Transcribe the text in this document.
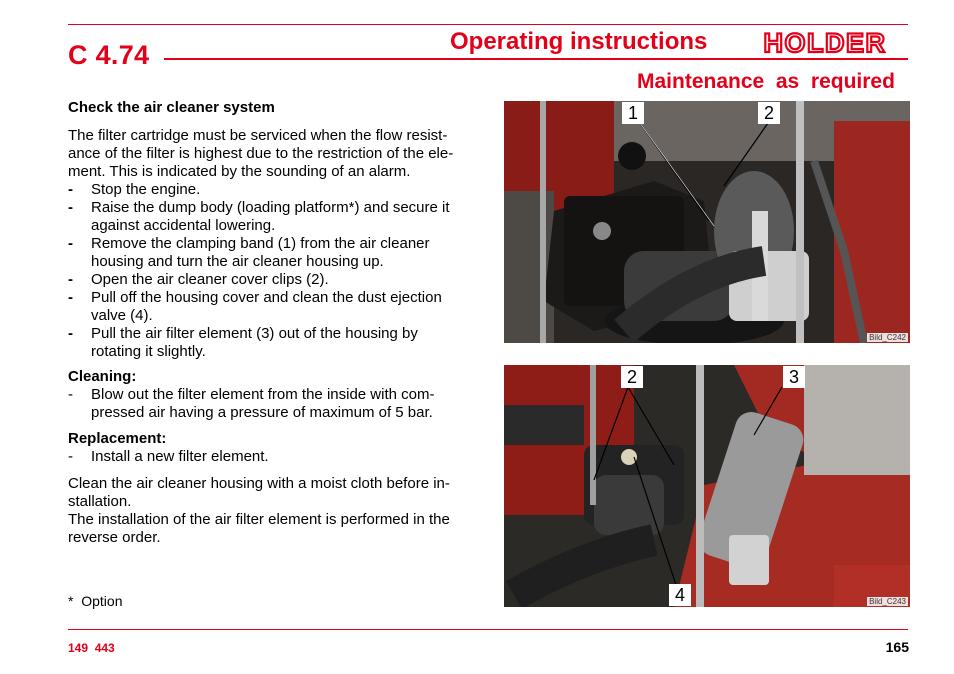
C 4.74	Operating instructions HOLDER
Maintenance  as  required
Check the air cleaner system
The filter cartridge must be serviced when the flow resist-
ance of the filter is highest due to the restriction of the ele-
ment. This is indicated by the sounding of an alarm.
- Stop the engine.
- Raise the dump body (loading platform*) and secure it
against accidental lowering.
- Remove the clamping band (1) from the air cleaner
housing and turn the air cleaner housing up.
- Open the air cleaner cover clips (2).
- Pull off the housing cover and clean the dust ejection
valve (4).
- Pull the air filter element (3) out of the housing by
rotating it slightly.
Cleaning:
- Blow out the filter element from the inside with com-
pressed air having a pressure of maximum of 5 bar.
Replacement:
- Install a new filter element.
Clean the air cleaner housing with a moist cloth before in-
stallation.
The installation of the air filter element is performed in the
reverse order.
*  Option
1	2
Bild_C242
2	3
4	Bild_C243
149  443	165
